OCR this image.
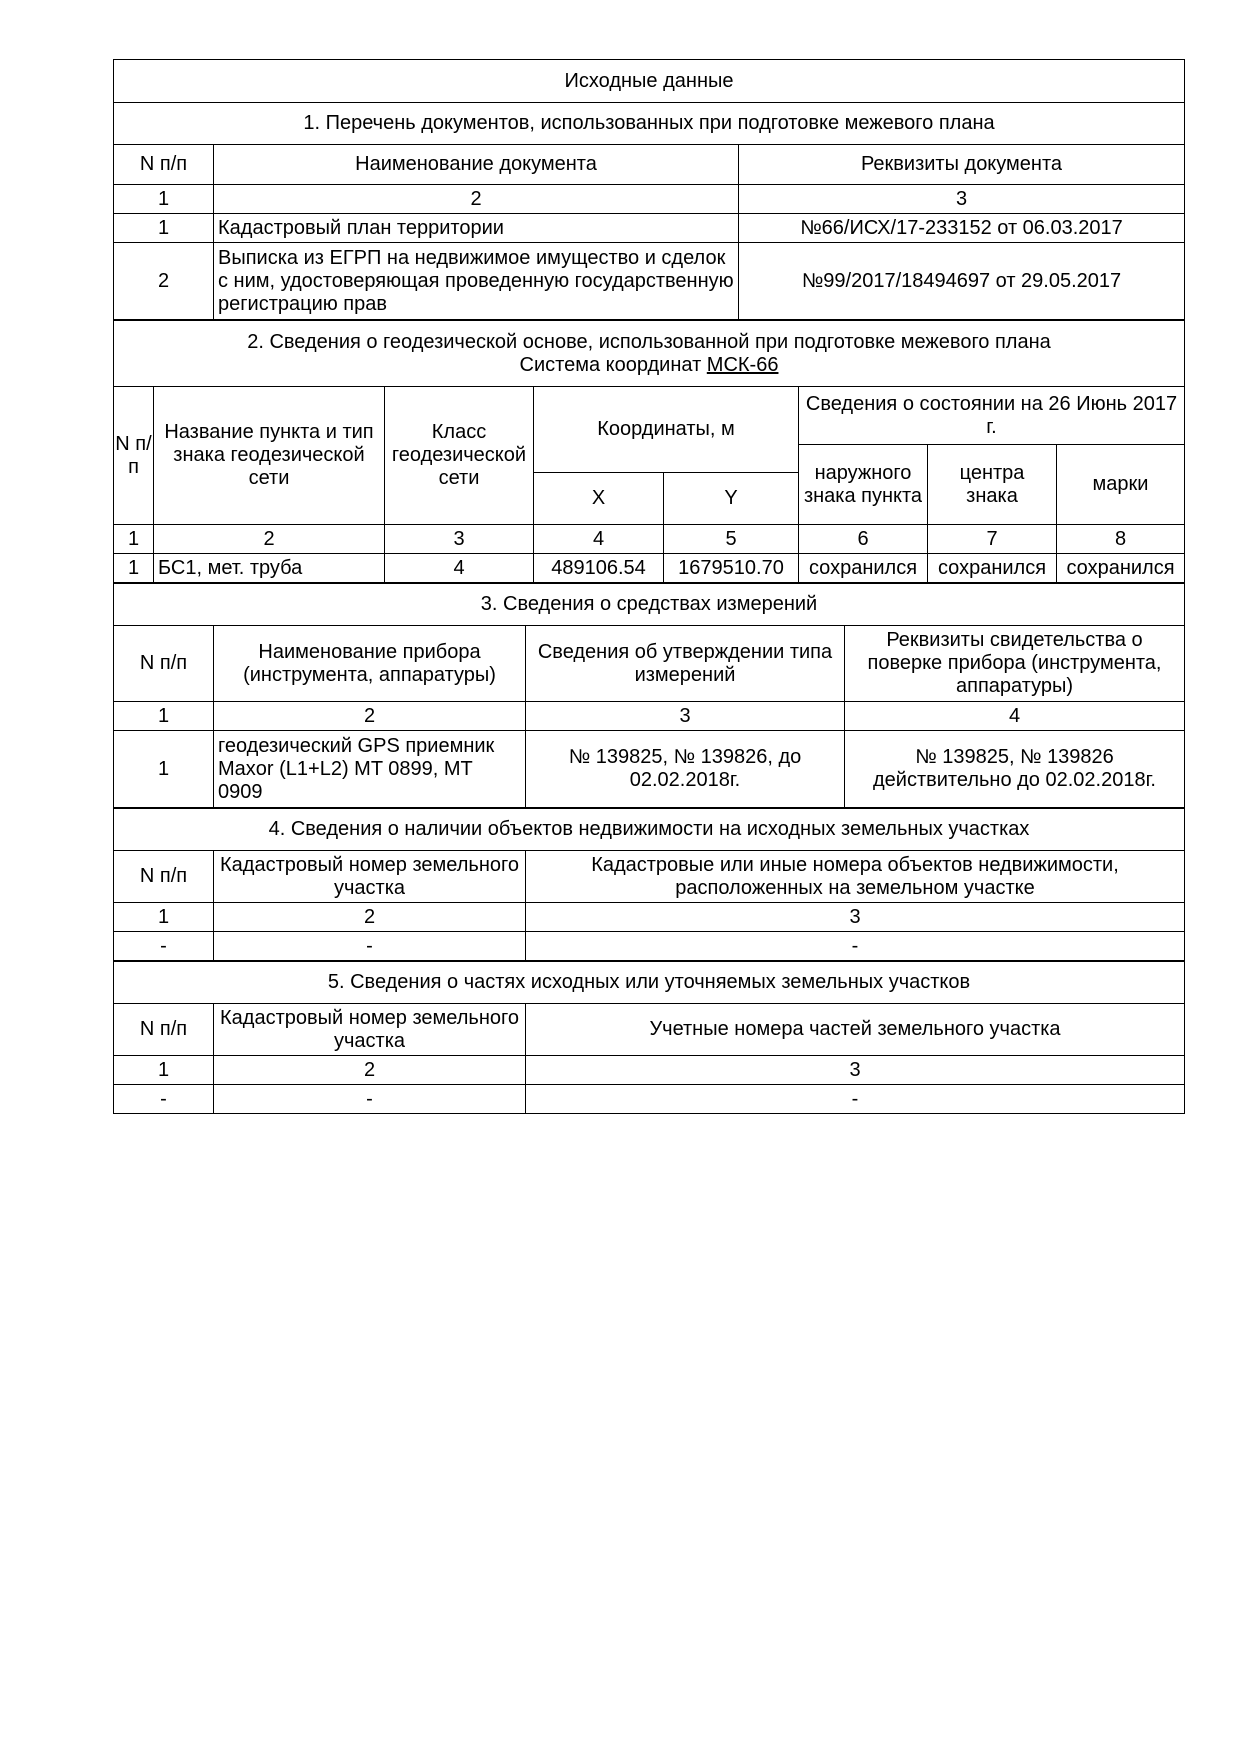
Исходные данные		
1. Перечень документов, использованных при подготовке межевого плана		
N п/п	Наименование документа	Реквизиты документа
1	2	3
1	Кадастровый план территории	№66/ИСХ/17-233152 от 06.03.2017
2	Выписка из ЕГРП на недвижимое имущество и сделок с ним, удостоверяющая проведенную государственную регистрацию прав	№99/2017/18494697 от 29.05.2017
2. Сведения о геодезической основе, использованной при подготовке межевого плана
Система координат МСК-66							

N п/п	Название пункта и тип знака геодезической сети	Класс геодезической сети	Координаты, м		Сведения о состоянии на 26 Июнь 2017 г.		
					наружного знака пункта	центра знака	марки
			X	Y			
1	2	3	4	5	6	7	8
1	БС1, мет. труба	4	489106.54	1679510.70	сохранился	сохранился	сохранился
3. Сведения о средствах измерений			
N п/п	Наименование прибора (инструмента, аппаратуры)	Сведения об утверждении типа измерений	Реквизиты свидетельства о поверке прибора (инструмента, аппаратуры)
1	2	3	4
1	геодезический GPS приемник Maxor (L1+L2) MT 0899, MT 0909	№ 139825, № 139826, до 02.02.2018г.	№ 139825, № 139826 действительно до 02.02.2018г.
4. Сведения о наличии объектов недвижимости на исходных земельных участках		
N п/п	Кадастровый номер земельного участка	Кадастровые или иные номера объектов недвижимости, расположенных на земельном участке
1	2	3
-	-	-
5. Сведения о частях исходных или уточняемых земельных участков		
N п/п	Кадастровый номер земельного участка	Учетные номера частей земельного участка
1	2	3
-	-	-
